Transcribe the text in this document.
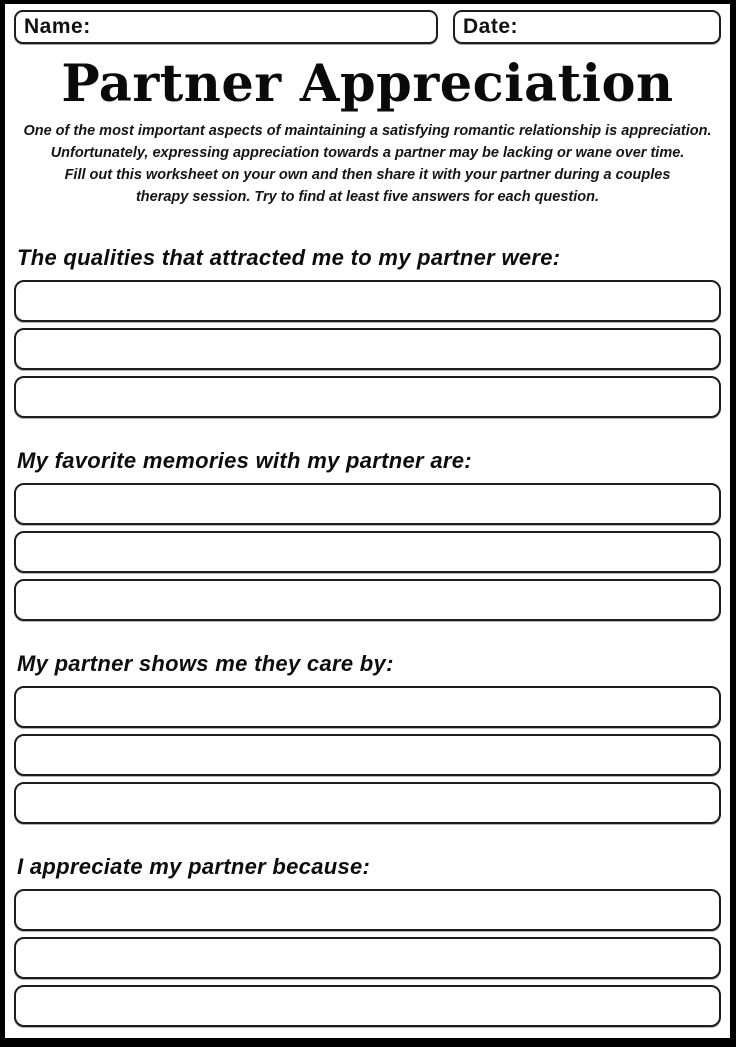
Name:	Date:
Partner Appreciation
One of the most important aspects of maintaining a satisfying romantic relationship is appreciation.
Unfortunately, expressing appreciation towards a partner may be lacking or wane over time.
Fill out this worksheet on your own and then share it with your partner during a couples
therapy session. Try to find at least five answers for each question.
The qualities that attracted me to my partner were:
My favorite memories with my partner are:
My partner shows me they care by:
I appreciate my partner because:
